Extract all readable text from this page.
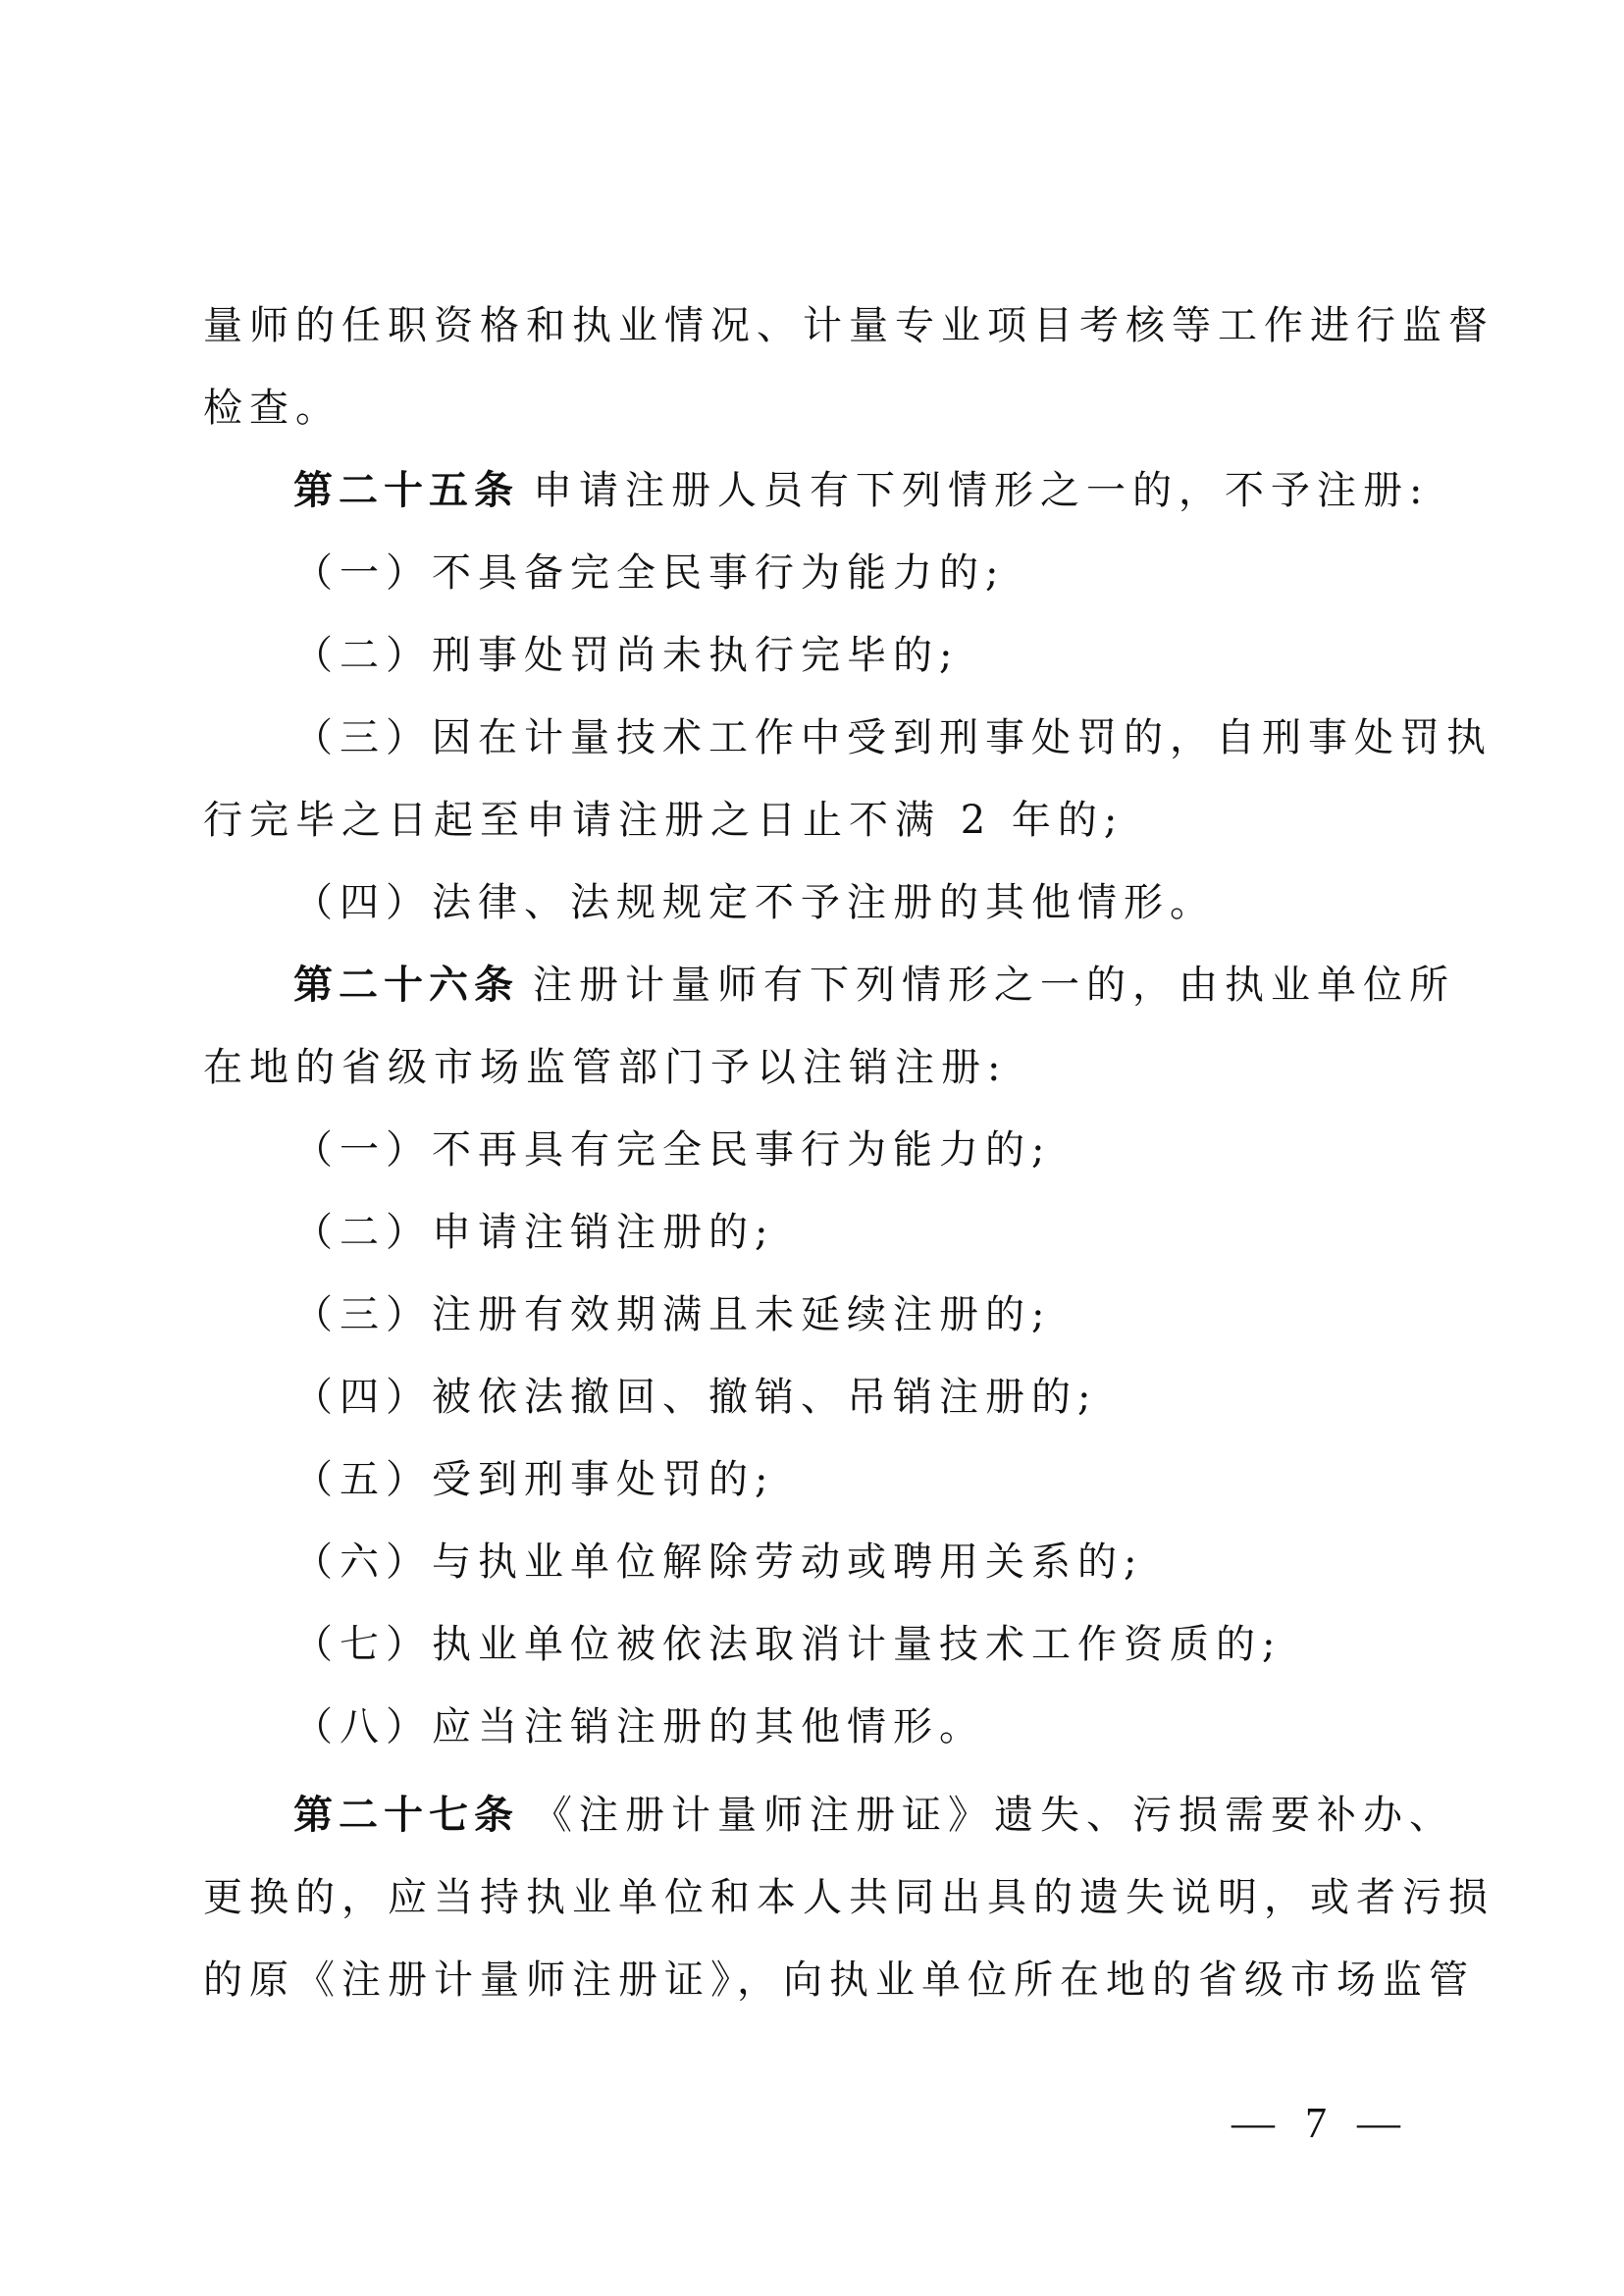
量师的任职资格和执业情况、计量专业项目考核等工作进行监督
检查。
第二十五条 申请注册人员有下列情形之一的，不予注册:
（一）不具备完全民事行为能力的;
（二）刑事处罚尚未执行完毕的;
（三）因在计量技术工作中受到刑事处罚的，自刑事处罚执
行完毕之日起至申请注册之日止不满 2 年的;
（四）法律、法规规定不予注册的其他情形。
第二十六条 注册计量师有下列情形之一的，由执业单位所
在地的省级市场监管部门予以注销注册:
（一）不再具有完全民事行为能力的;
（二）申请注销注册的;
（三）注册有效期满且未延续注册的;
（四）被依法撤回、撤销、吊销注册的;
（五）受到刑事处罚的;
（六）与执业单位解除劳动或聘用关系的;
（七）执业单位被依法取消计量技术工作资质的;
（八）应当注销注册的其他情形。
第二十七条 《注册计量师注册证》遗失、污损需要补办、
更换的，应当持执业单位和本人共同出具的遗失说明，或者污损
的原《注册计量师注册证》，向执业单位所在地的省级市场监管
— 7 —
